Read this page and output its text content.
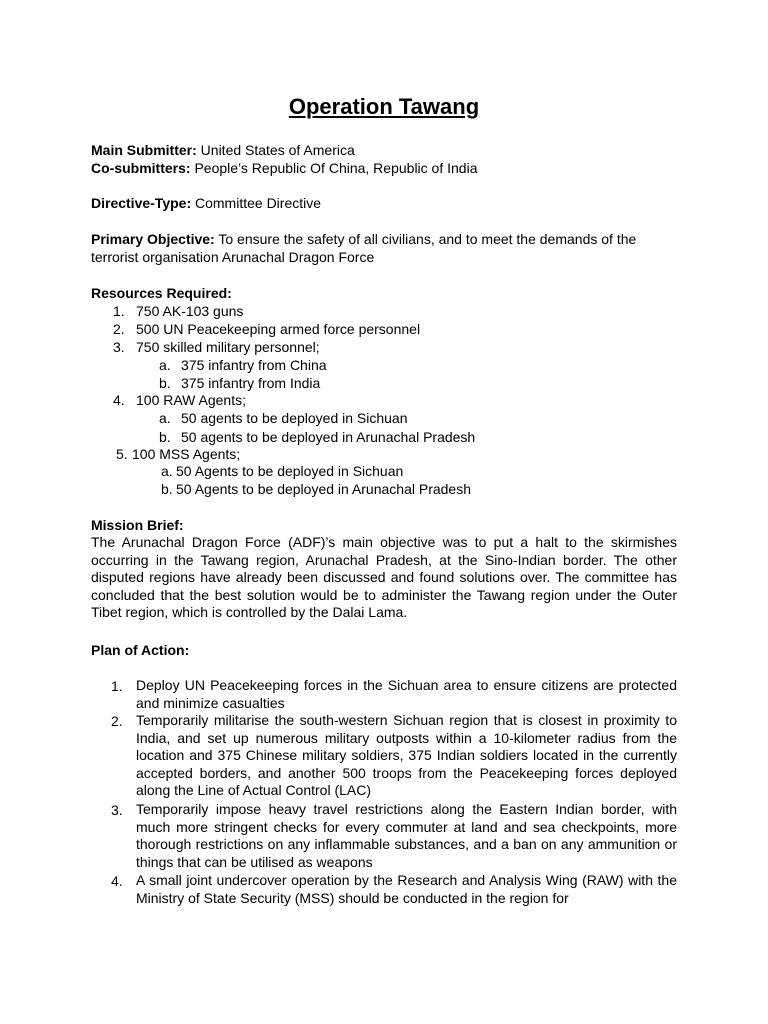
Operation Tawang
Main Submitter: United States of America
Co-submitters: People’s Republic Of China, Republic of India
Directive-Type: Committee Directive
Primary Objective: To ensure the safety of all civilians, and to meet the demands of the terrorist organisation Arunachal Dragon Force
Resources Required:
1. 750 AK-103 guns
2. 500 UN Peacekeeping armed force personnel
3. 750 skilled military personnel;
a. 375 infantry from China
b. 375 infantry from India
4. 100 RAW Agents;
a. 50 agents to be deployed in Sichuan
b. 50 agents to be deployed in Arunachal Pradesh
5. 100 MSS Agents;
a. 50 Agents to be deployed in Sichuan
b. 50 Agents to be deployed in Arunachal Pradesh
Mission Brief:
The Arunachal Dragon Force (ADF)’s main objective was to put a halt to the skirmishes occurring in the Tawang region, Arunachal Pradesh, at the Sino-Indian border. The other disputed regions have already been discussed and found solutions over. The committee has concluded that the best solution would be to administer the Tawang region under the Outer Tibet region, which is controlled by the Dalai Lama.
Plan of Action:
1. Deploy UN Peacekeeping forces in the Sichuan area to ensure citizens are protected and minimize casualties
2. Temporarily militarise the south-western Sichuan region that is closest in proximity to India, and set up numerous military outposts within a 10-kilometer radius from the location and 375 Chinese military soldiers, 375 Indian soldiers located in the currently accepted borders, and another 500 troops from the Peacekeeping forces deployed along the Line of Actual Control (LAC)
3. Temporarily impose heavy travel restrictions along the Eastern Indian border, with much more stringent checks for every commuter at land and sea checkpoints, more thorough restrictions on any inflammable substances, and a ban on any ammunition or things that can be utilised as weapons
4. A small joint undercover operation by the Research and Analysis Wing (RAW) with the Ministry of State Security (MSS) should be conducted in the region for
